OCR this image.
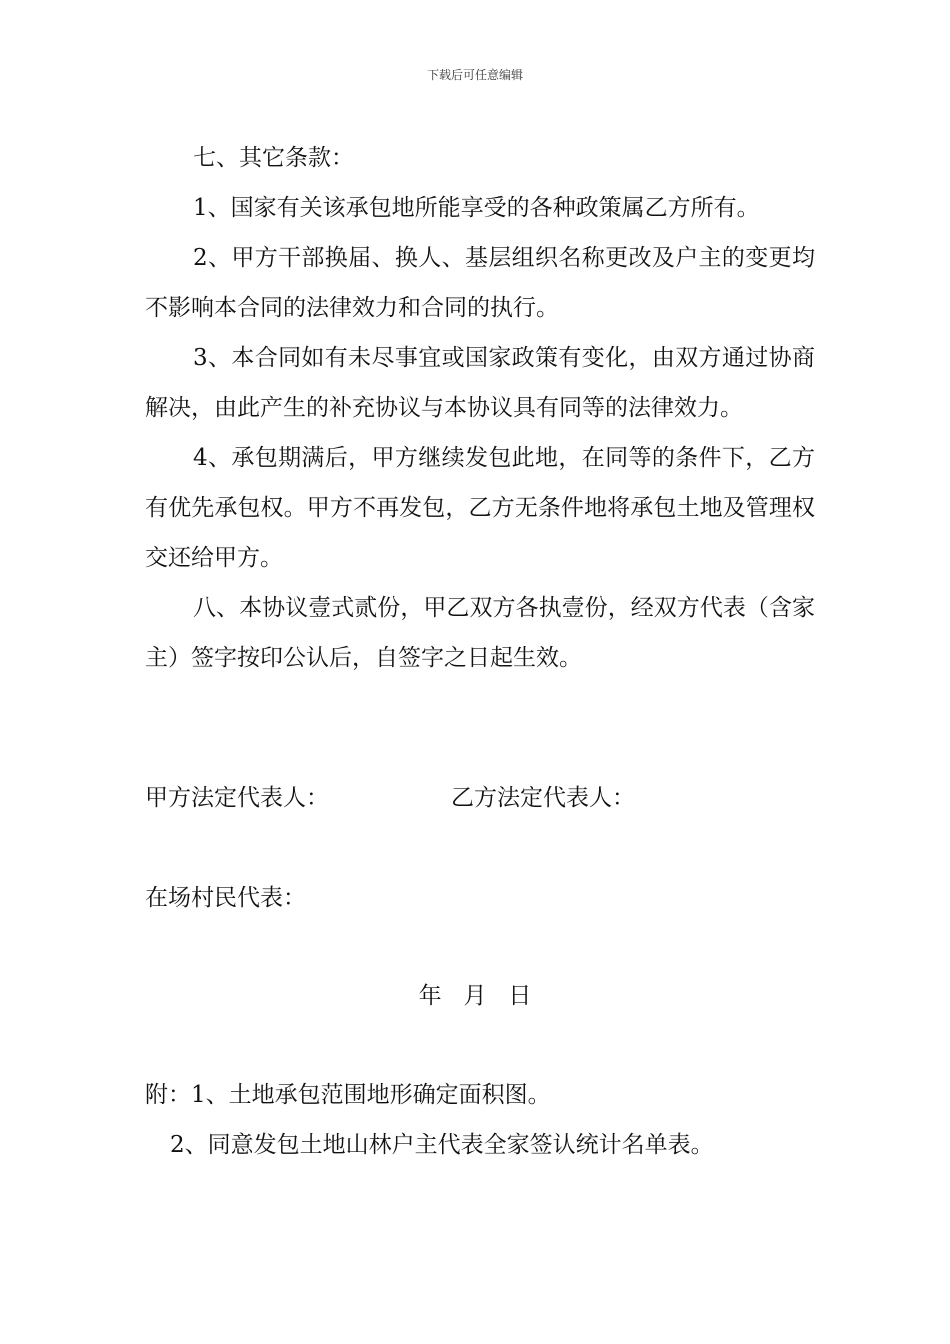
下载后可任意编辑

七、其它条款：

1、国家有关该承包地所能享受的各种政策属乙方所有。

2、甲方干部换届、换人、基层组织名称更改及户主的变更均不影响本合同的法律效力和合同的执行。

3、本合同如有未尽事宜或国家政策有变化，由双方通过协商解决，由此产生的补充协议与本协议具有同等的法律效力。

4、承包期满后，甲方继续发包此地，在同等的条件下，乙方有优先承包权。甲方不再发包，乙方无条件地将承包土地及管理权交还给甲方。

八、本协议壹式贰份，甲乙双方各执壹份，经双方代表（含家主）签字按印公认后，自签字之日起生效。

甲方法定代表人：	乙方法定代表人：
在场村民代表：
年   月   日
附：1、土地承包范围地形确定面积图。
2、同意发包土地山林户主代表全家签认统计名单表。
